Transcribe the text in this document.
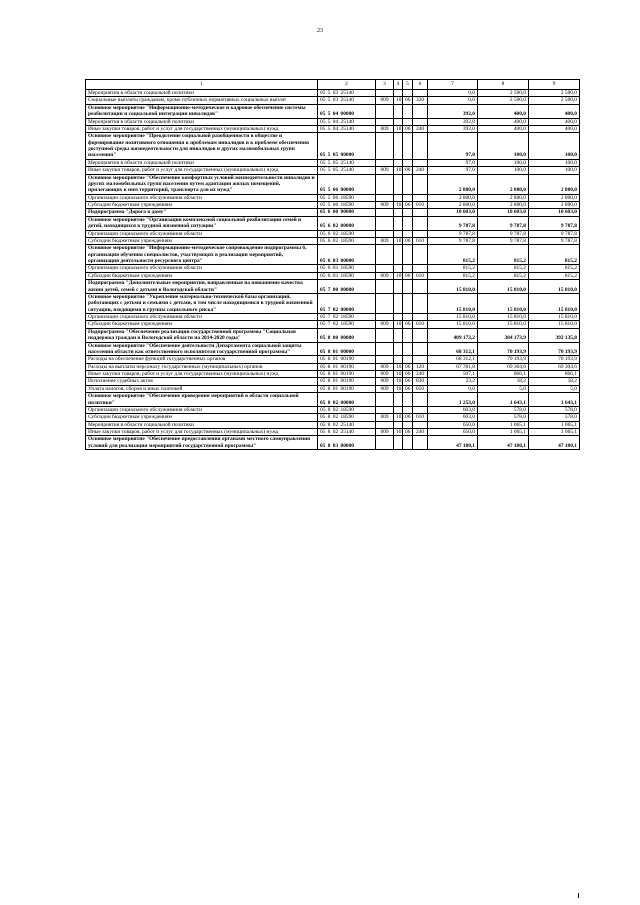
23
1	2	3	4	5	6	7	8	9
Мероприятия в области социальной политики	05 5 03 25140					0,0	2 500,0	2 500,0
Социальные выплаты гражданам, кроме публичных нормативных социальных выплат	05 5 03 25140	009	10	06	320	0,0	2 500,0	2 500,0
Основное мероприятие "Информационно-методическое и кадровое обеспечение системы реабилитации и социальной интеграции инвалидов"	05 5 04 00000					392,0	400,0	400,0
Мероприятия в области социальной политики	05 5 04 25140					392,0	400,0	400,0
Иные закупки товаров, работ и услуг для государственных (муниципальных) нужд	05 5 04 25140	009	10	06	240	392,0	400,0	400,0
Основное мероприятие "Преодоление социальной разобщенности в обществе и формирование позитивного отношения к проблемам инвалидов и к проблеме обеспечения доступной среды жизнедеятельности для инвалидов и других маломобильных групп населения"	05 5 05 00000					97,0	100,0	100,0
Мероприятия в области социальной политики	05 5 05 25140					97,0	100,0	100,0
Иные закупки товаров, работ и услуг для государственных (муниципальных) нужд	05 5 05 25140	009	10	06	240	97,0	100,0	100,0
Основное мероприятие "Обеспечение комфортных условий жизнедеятельности инвалидов и других маломобильных групп населения путем адаптации жилых помещений, прилегающих к ним территорий, транспорта для их нужд"	05 5 06 00000					2 800,0	2 800,0	2 800,0
Организации социального обслуживания области	05 5 06 18590					2 800,0	2 800,0	2 800,0
Субсидии бюджетным учреждениям	05 5 06 18590	009	10	06	610	2 800,0	2 800,0	2 800,0
Подпрограмма "Дорога к дому"	05 6 00 00000					10 603,0	10 603,0	10 603,0
Основное мероприятие "Организация комплексной социальной реабилитации семей и детей, находящихся в трудной жизненной ситуации"	05 6 02 00000					9 787,8	9 787,8	9 787,8
Организации социального обслуживания области	05 6 02 18590					9 787,8	9 787,8	9 787,8
Субсидии бюджетным учреждениям	05 6 02 18590	009	10	06	610	9 787,8	9 787,8	9 787,8
Основное мероприятие "Информационно-методическое сопровождение подпрограммы 6, организация обучения специалистов, участвующих в реализации мероприятий, организация деятельности ресурсного центра"	05 6 03 00000					815,2	815,2	815,2
Организации социального обслуживания области	05 6 03 18590					815,2	815,2	815,2
Субсидии бюджетным учреждениям	05 6 03 18590	009	10	06	610	815,2	815,2	815,2
Подпрограмма "Дополнительные мероприятия, направленные на повышение качества жизни детей, семей с детьми в Вологодской области"	05 7 00 00000					15 810,0	15 810,0	15 810,0
Основное мероприятие "Укрепление материально-технической базы организаций, работающих с детьми и семьями с детьми, в том числе находящимися в трудной жизненной ситуации, входящими в группы социального риска"	05 7 02 00000					15 810,0	15 810,0	15 810,0
Организации социального обслуживания области	05 7 02 18590					15 810,0	15 810,0	15 810,0
Субсидии бюджетным учреждениям	05 7 02 18590	009	10	06	610	15 810,0	15 810,0	15 810,0
Подпрограмма "Обеспечение реализации государственной программы "Социальная поддержка граждан в Вологодской области на 2014-2020 годы"	05 8 00 00000					409 173,2	384 173,9	392 135,8
Основное мероприятие "Обеспечение деятельности Департамента социальной защиты населения области как ответственного исполнителя государственной программы"	05 8 01 00000					68 312,1	70 193,9	70 193,9
Расходы на обеспечение функций государственных органов	05 8 01 00190					68 312,1	70 193,9	70 193,9
Расходы на выплаты персоналу государственных (муниципальных) органов	05 8 01 00190	009	10	06	120	67 781,8	69 304,6	69 304,6
Иные закупки товаров, работ и услуг для государственных (муниципальных) нужд	05 8 01 00190	009	10	06	240	507,1	866,1	866,1
Исполнение судебных актов	05 8 01 00190	009	10	06	830	23,2	18,2	18,2
Уплата налогов, сборов и иных платежей	05 8 01 00190	009	10	06	850	0,0	5,0	5,0
Основное мероприятие "Обеспечение проведения мероприятий в области социальной политики"	05 8 02 00000					1 253,0	1 643,1	1 643,1
Организации социального обслуживания области	05 8 02 18590					603,0	578,0	578,0
Субсидии бюджетным учреждениям	05 8 02 18590	009	10	06	610	603,0	578,0	578,0
Мероприятия в области социальной политики	05 8 02 25140					650,0	1 065,1	1 065,1
Иные закупки товаров, работ и услуг для государственных (муниципальных) нужд	05 8 02 25140	009	10	06	240	650,0	1 065,1	1 065,1
Основное мероприятие "Обеспечение предоставления органами местного самоуправления условий для реализации мероприятий государственной программы"	05 8 03 00000					47 180,1	47 180,1	47 180,1
